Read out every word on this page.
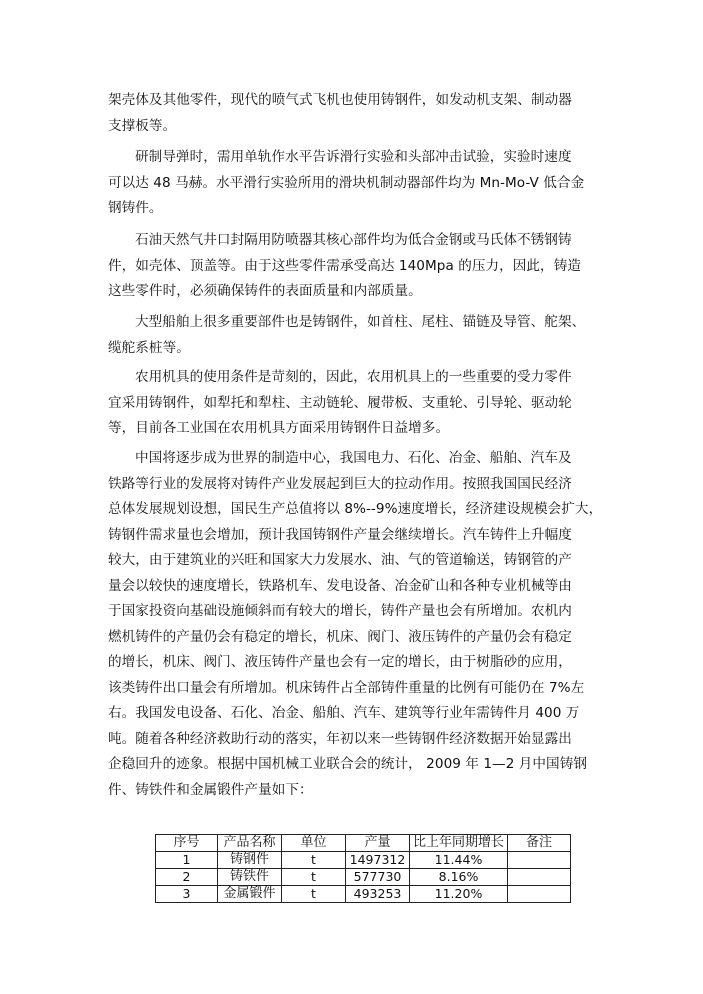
架壳体及其他零件，现代的喷气式飞机也使用铸钢件，如发动机支架、制动器
支撑板等。
研制导弹时，需用单轨作水平告诉滑行实验和头部冲击试验，实验时速度
可以达 48 马赫。水平滑行实验所用的滑块机制动器部件均为 Mn-Mo-V 低合金
钢铸件。
石油天然气井口封隔用防喷器其核心部件均为低合金钢或马氏体不锈钢铸
件，如壳体、顶盖等。由于这些零件需承受高达 140Mpa 的压力，因此，铸造
这些零件时，必须确保铸件的表面质量和内部质量。
大型船舶上很多重要部件也是铸钢件，如首柱、尾柱、锚链及导管、舵架、
缆舵系桩等。
农用机具的使用条件是苛刻的，因此，农用机具上的一些重要的受力零件
宜采用铸钢件，如犁托和犁柱、主动链轮、履带板、支重轮、引导轮、驱动轮
等，目前各工业国在农用机具方面采用铸钢件日益增多。
中国将逐步成为世界的制造中心，我国电力、石化、冶金、船舶、汽车及
铁路等行业的发展将对铸件产业发展起到巨大的拉动作用。按照我国国民经济
总体发展规划设想，国民生产总值将以 8%--9%速度增长，经济建设规模会扩大，
铸钢件需求量也会增加，预计我国铸钢件产量会继续增长。汽车铸件上升幅度
较大，由于建筑业的兴旺和国家大力发展水、油、气的管道输送，铸钢管的产
量会以较快的速度增长，铁路机车、发电设备、冶金矿山和各种专业机械等由
于国家投资向基础设施倾斜而有较大的增长，铸件产量也会有所增加。农机内
燃机铸件的产量仍会有稳定的增长，机床、阀门、液压铸件的产量仍会有稳定
的增长，机床、阀门、液压铸件产量也会有一定的增长，由于树脂砂的应用，
该类铸件出口量会有所增加。机床铸件占全部铸件重量的比例有可能仍在 7%左
右。我国发电设备、石化、冶金、船舶、汽车、建筑等行业年需铸件月 400 万
吨。随着各种经济救助行动的落实，年初以来一些铸钢件经济数据开始显露出
企稳回升的迹象。根据中国机械工业联合会的统计， 2009 年 1—2 月中国铸钢
件、铸铁件和金属锻件产量如下：
序号	产品名称	单位	产量	比上年同期增长	备注
1	铸钢件	t	1497312	11.44%	
2	铸铁件	t	577730	8.16%	
3	金属锻件	t	493253	11.20%	
